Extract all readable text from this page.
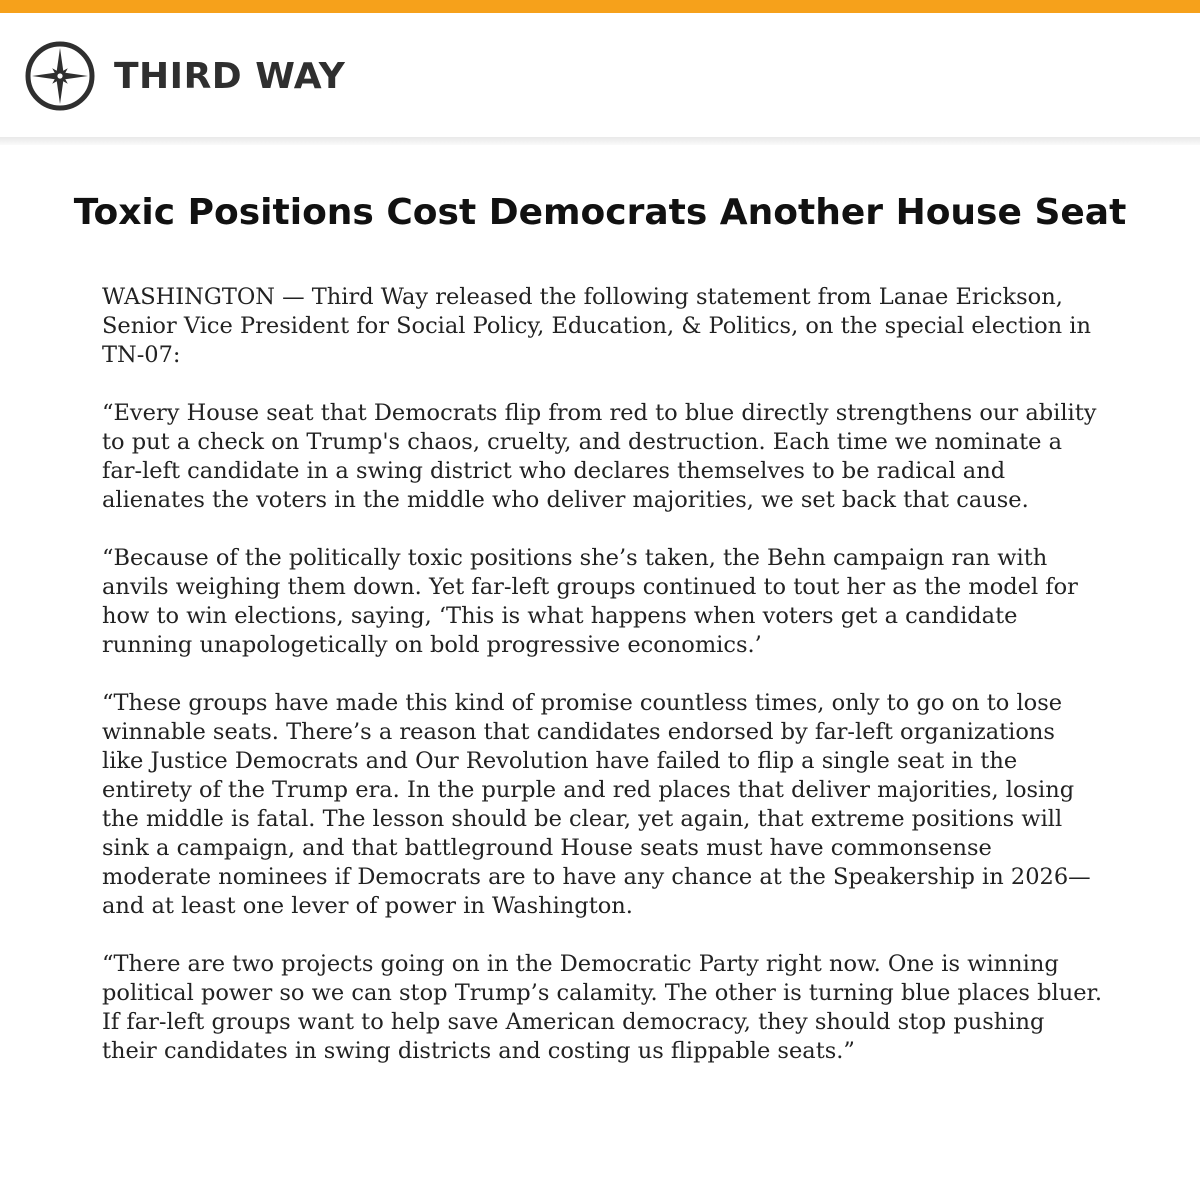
THIRD WAY
Toxic Positions Cost Democrats Another House Seat

WASHINGTON — Third Way released the following statement from Lanae Erickson, Senior Vice President for Social Policy, Education, & Politics, on the special election in TN-07:

“Every House seat that Democrats flip from red to blue directly strengthens our ability to put a check on Trump's chaos, cruelty, and destruction. Each time we nominate a far-left candidate in a swing district who declares themselves to be radical and alienates the voters in the middle who deliver majorities, we set back that cause.

“Because of the politically toxic positions she’s taken, the Behn campaign ran with anvils weighing them down. Yet far-left groups continued to tout her as the model for how to win elections, saying, ‘This is what happens when voters get a candidate running unapologetically on bold progressive economics.’

“These groups have made this kind of promise countless times, only to go on to lose winnable seats. There’s a reason that candidates endorsed by far-left organizations like Justice Democrats and Our Revolution have failed to flip a single seat in the entirety of the Trump era. In the purple and red places that deliver majorities, losing the middle is fatal. The lesson should be clear, yet again, that extreme positions will sink a campaign, and that battleground House seats must have commonsense moderate nominees if Democrats are to have any chance at the Speakership in 2026—and at least one lever of power in Washington.

“There are two projects going on in the Democratic Party right now. One is winning political power so we can stop Trump’s calamity. The other is turning blue places bluer. If far-left groups want to help save American democracy, they should stop pushing their candidates in swing districts and costing us flippable seats.”
